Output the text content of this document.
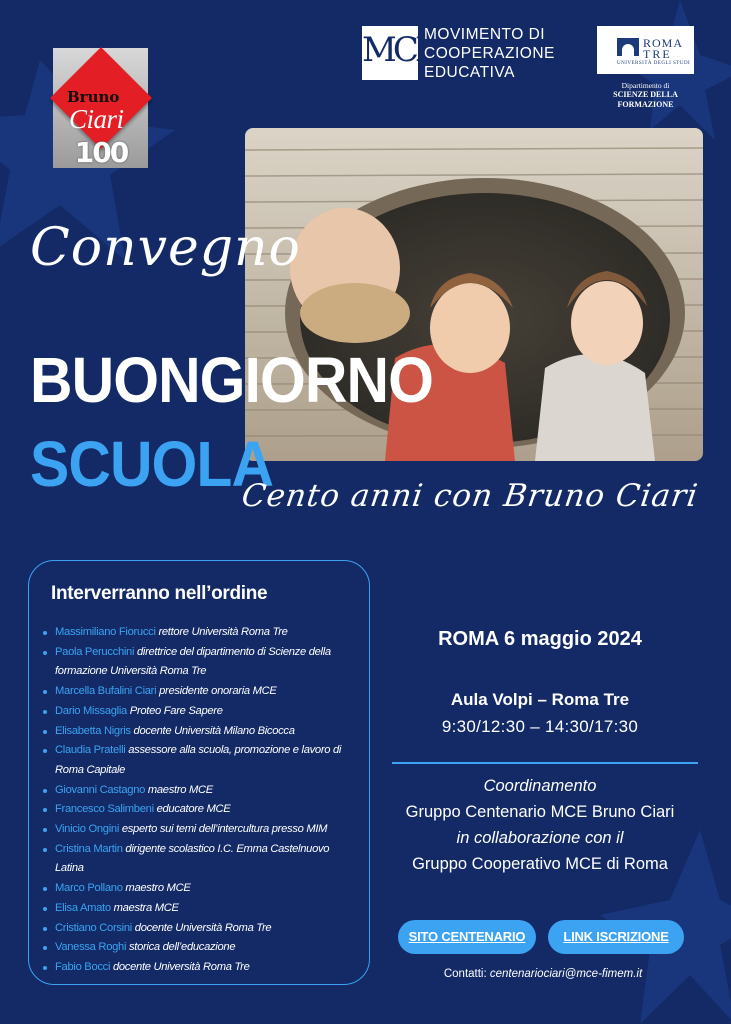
Bruno
Ciari
100
MCE
MOVIMENTO DI
COOPERAZIONE
EDUCATIVA
ROMA
TRE
UNIVERSITÀ DEGLI STUDI
Dipartimento di
SCIENZE DELLA
FORMAZIONE
Convegno
BUONGIORNO
SCUOLA
Cento anni con Bruno Ciari
Interverranno nell’ordine
Massimiliano Fiorucci rettore Università Roma Tre
Paola Perucchini direttrice del dipartimento di Scienze della formazione Università Roma Tre
Marcella Bufalini Ciari presidente onoraria MCE
Dario Missaglia Proteo Fare Sapere
Elisabetta Nigris docente Università Milano Bicocca
Claudia Pratelli assessore alla scuola, promozione e lavoro di Roma Capitale
Giovanni Castagno maestro MCE
Francesco Salimbeni educatore MCE
Vinicio Ongini esperto sui temi dell’intercultura presso MIM
Cristina Martin dirigente scolastico I.C. Emma Castelnuovo Latina
Marco Pollano maestro MCE
Elisa Amato maestra MCE
Cristiano Corsini docente Università Roma Tre
Vanessa Roghi storica dell’educazione
Fabio Bocci docente Università Roma Tre
ROMA 6 maggio 2024
Aula Volpi – Roma Tre
9:30/12:30 – 14:30/17:30
Coordinamento
Gruppo Centenario MCE Bruno Ciari
in collaborazione con il
Gruppo Cooperativo MCE di Roma
SITO CENTENARIO	LINK ISCRIZIONE
Contatti: centenariociari@mce-fimem.it
